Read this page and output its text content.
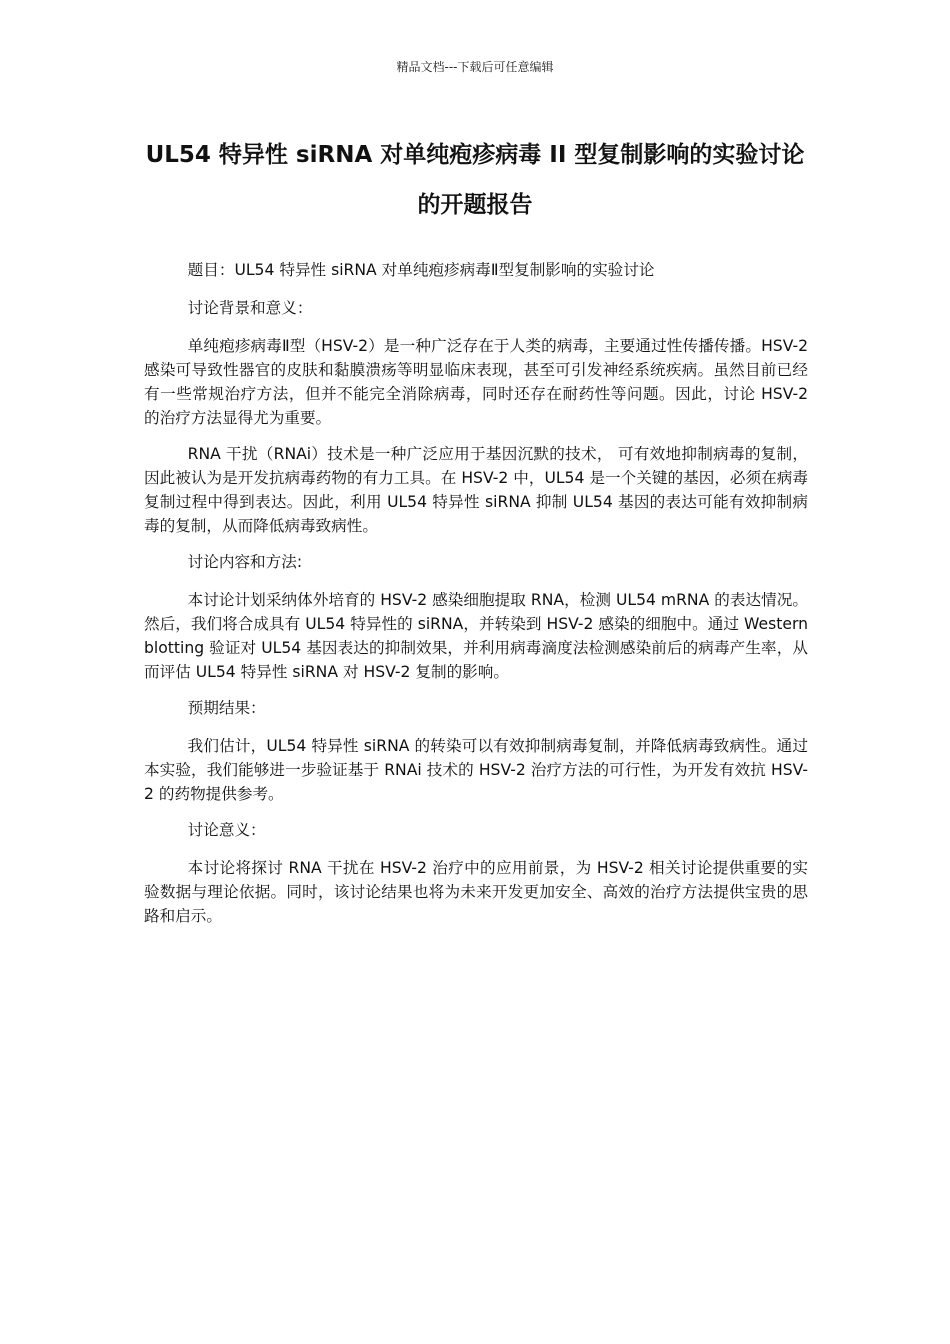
精品文档---下载后可任意编辑
UL54 特异性 siRNA 对单纯疱疹病毒 II 型复制影响的实验讨论的开题报告

题目：UL54 特异性 siRNA 对单纯疱疹病毒Ⅱ型复制影响的实验讨论

讨论背景和意义：

单纯疱疹病毒Ⅱ型（HSV-2）是一种广泛存在于人类的病毒，主要通过性传播传播。HSV-2 感染可导致性器官的皮肤和黏膜溃疡等明显临床表现，甚至可引发神经系统疾病。虽然目前已经有一些常规治疗方法，但并不能完全消除病毒，同时还存在耐药性等问题。因此，讨论 HSV-2 的治疗方法显得尤为重要。

RNA 干扰（RNAi）技术是一种广泛应用于基因沉默的技术， 可有效地抑制病毒的复制，因此被认为是开发抗病毒药物的有力工具。在 HSV-2 中，UL54 是一个关键的基因，必须在病毒复制过程中得到表达。因此，利用 UL54 特异性 siRNA 抑制 UL54 基因的表达可能有效抑制病毒的复制，从而降低病毒致病性。

讨论内容和方法:

本讨论计划采纳体外培育的 HSV-2 感染细胞提取 RNA，检测 UL54 mRNA 的表达情况。然后，我们将合成具有 UL54 特异性的 siRNA，并转染到 HSV-2 感染的细胞中。通过 Western blotting 验证对 UL54 基因表达的抑制效果，并利用病毒滴度法检测感染前后的病毒产生率，从而评估 UL54 特异性 siRNA 对 HSV-2 复制的影响。

预期结果：

我们估计，UL54 特异性 siRNA 的转染可以有效抑制病毒复制，并降低病毒致病性。通过本实验，我们能够进一步验证基于 RNAi 技术的 HSV-2 治疗方法的可行性，为开发有效抗 HSV-2 的药物提供参考。

讨论意义：

本讨论将探讨 RNA 干扰在 HSV-2 治疗中的应用前景，为 HSV-2 相关讨论提供重要的实验数据与理论依据。同时，该讨论结果也将为未来开发更加安全、高效的治疗方法提供宝贵的思路和启示。
